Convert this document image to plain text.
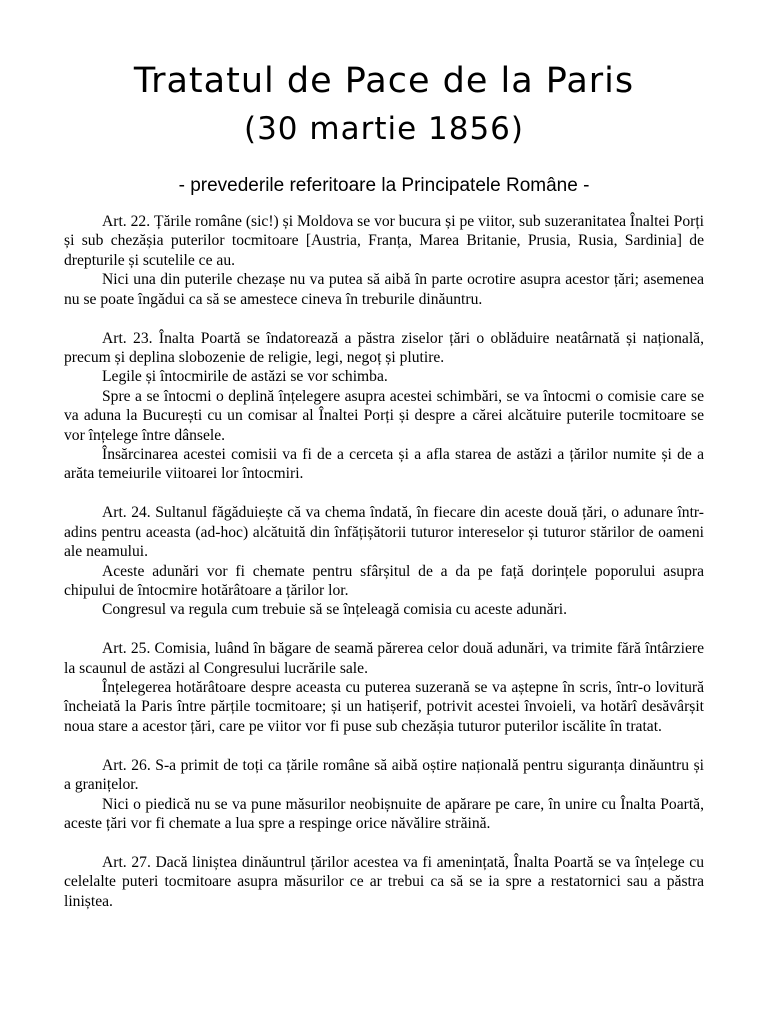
Tratatul de Pace de la Paris
(30 martie 1856)
- prevederile referitoare la Principatele Române -

Art. 22. Țările române (sic!) și Moldova se vor bucura și pe viitor, sub suzeranitatea Înaltei Porți și sub chezășia puterilor tocmitoare [Austria, Franța, Marea Britanie, Prusia, Rusia, Sardinia] de drepturile și scutelile ce au.

Nici una din puterile chezașe nu va putea să aibă în parte ocrotire asupra acestor țări; asemenea nu se poate îngădui ca să se amestece cineva în treburile dinăuntru.

Art. 23. Înalta Poartă se îndatorează a păstra ziselor țări o oblăduire neatârnată și națională, precum și deplina slobozenie de religie, legi, negoț și plutire.

Legile și întocmirile de astăzi se vor schimba.

Spre a se întocmi o deplină înțelegere asupra acestei schimbări, se va întocmi o comisie care se va aduna la București cu un comisar al Înaltei Porți și despre a cărei alcătuire puterile tocmitoare se vor înțelege între dânsele.

Însărcinarea acestei comisii va fi de a cerceta și a afla starea de astăzi a țărilor numite și de a arăta temeiurile viitoarei lor întocmiri.

Art. 24. Sultanul făgăduiește că va chema îndată, în fiecare din aceste două țări, o adunare într-adins pentru aceasta (ad-hoc) alcătuită din înfățișătorii tuturor intereselor și tuturor stărilor de oameni ale neamului.

Aceste adunări vor fi chemate pentru sfârșitul de a da pe față dorințele poporului asupra chipului de întocmire hotărâtoare a țărilor lor.

Congresul va regula cum trebuie să se înțeleagă comisia cu aceste adunări.

Art. 25. Comisia, luând în băgare de seamă părerea celor două adunări, va trimite fără întârziere la scaunul de astăzi al Congresului lucrările sale.

Înțelegerea hotărâtoare despre aceasta cu puterea suzerană se va aștерne în scris, într-o lovitură încheiată la Paris între părțile tocmitoare; și un hatișerif, potrivit acestei învoieli, va hotărî desăvârșit noua stare a acestor țări, care pe viitor vor fi puse sub chezășia tuturor puterilor iscălite în tratat.

Art. 26. S-a primit de toți ca țările române să aibă oștire națională pentru siguranța dinăuntru și a granițelor.

Nici o piedică nu se va pune măsurilor neobișnuite de apărare pe care, în unire cu Înalta Poartă, aceste țări vor fi chemate a lua spre a respinge orice năvălire străină.

Art. 27. Dacă liniștea dinăuntrul țărilor acestea va fi amenințată, Înalta Poartă se va înțelege cu celelalte puteri tocmitoare asupra măsurilor ce ar trebui ca să se ia spre a restatornici sau a păstra liniștea.
